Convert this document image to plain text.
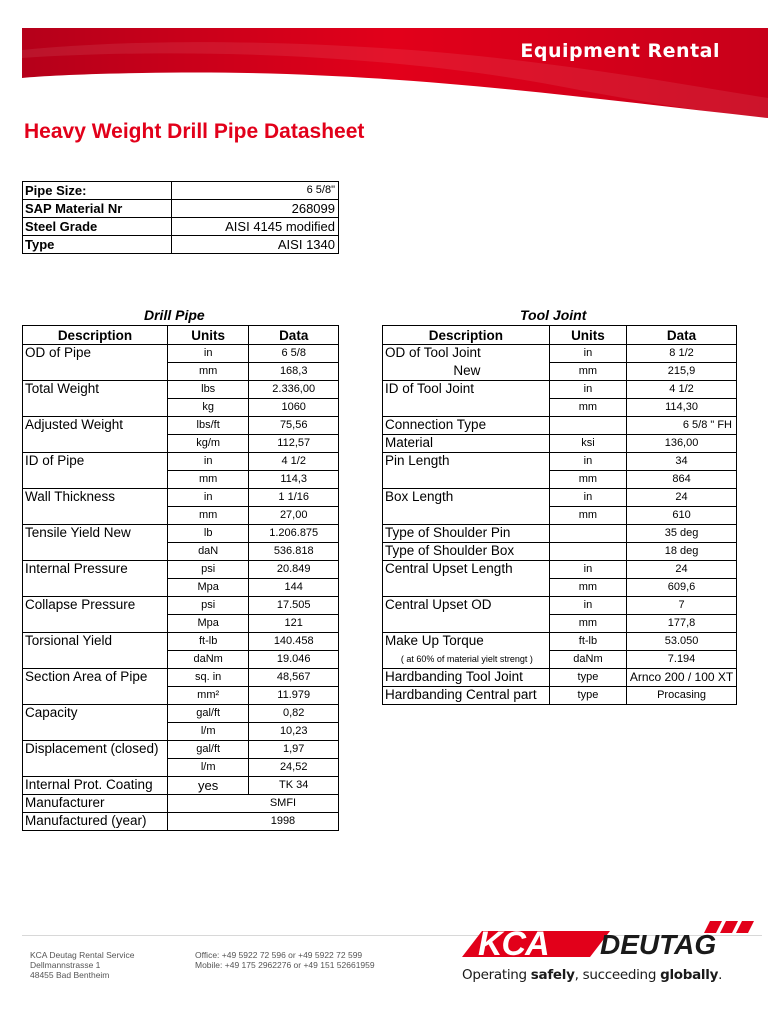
Equipment Rental
Heavy Weight Drill Pipe Datasheet
Pipe Size:	6 5/8"
SAP Material Nr	268099
Steel Grade	AISI 4145 modified
Type	AISI 1340
Drill Pipe	Tool Joint
Description	Units	Data
OD of Pipe	in	6 5/8
	mm	168,3
Total Weight	lbs	2.336,00
	kg	1060
Adjusted Weight	lbs/ft	75,56
	kg/m	112,57
ID of Pipe	in	4 1/2
	mm	114,3
Wall Thickness	in	1 1/16
	mm	27,00
Tensile Yield New	lb	1.206.875
	daN	536.818
Internal Pressure	psi	20.849
	Mpa	144
Collapse Pressure	psi	17.505
	Mpa	121
Torsional Yield	ft-lb	140.458
	daNm	19.046
Section Area of Pipe	sq. in	48,567
	mm²	11.979
Capacity	gal/ft	0,82
	l/m	10,23
Displacement (closed)	gal/ft	1,97
	l/m	24,52
Internal Prot. Coating	yes	TK 34
Manufacturer	SMFI	
Manufactured (year)	1998	
Description	Units	Data
OD of Tool Joint	in	8 1/2
New	mm	215,9
ID of Tool Joint	in	4 1/2
	mm	114,30
Connection Type		6 5/8 " FH
Material	ksi	136,00
Pin Length	in	34
	mm	864
Box Length	in	24
	mm	610
Type of Shoulder Pin		35 deg
Type of Shoulder Box		18 deg
Central Upset Length	in	24
	mm	609,6
Central Upset OD	in	7
	mm	177,8
Make Up Torque	ft-lb	53.050
( at 60% of material yielt strengt )	daNm	7.194
Hardbanding Tool Joint	type	Arnco 200 / 100 XT
Hardbanding Central part	type	Procasing
KCA Deutag Rental Service
Dellmannstrasse 1
48455 Bad Bentheim
Office: +49 5922 72 596 or +49 5922 72 599
Mobile: +49 175 2962276 or +49 151 52661959
KCA DEUTAG
Operating safely, succeeding globally.
